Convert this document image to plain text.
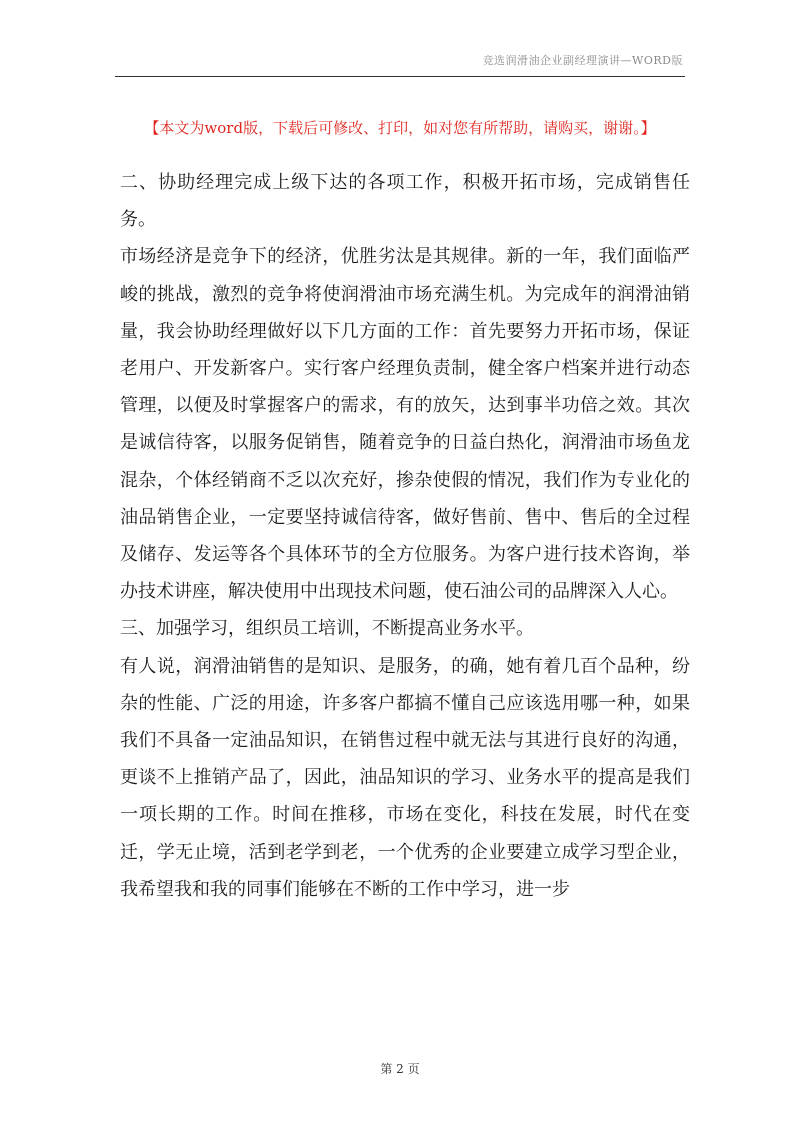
竞选润滑油企业副经理演讲—WORD版
【本文为word版，下载后可修改、打印，如对您有所帮助，请购买，谢谢。】

二、协助经理完成上级下达的各项工作，积极开拓市场，完成销售任务。

市场经济是竞争下的经济，优胜劣汰是其规律。新的一年，我们面临严峻的挑战，激烈的竞争将使润滑油市场充满生机。为完成年的润滑油销量，我会协助经理做好以下几方面的工作：首先要努力开拓市场，保证老用户、开发新客户。实行客户经理负责制，健全客户档案并进行动态管理，以便及时掌握客户的需求，有的放矢，达到事半功倍之效。其次是诚信待客，以服务促销售，随着竞争的日益白热化，润滑油市场鱼龙混杂，个体经销商不乏以次充好，掺杂使假的情况，我们作为专业化的油品销售企业，一定要坚持诚信待客，做好售前、售中、售后的全过程及储存、发运等各个具体环节的全方位服务。为客户进行技术咨询，举办技术讲座，解决使用中出现技术问题，使石油公司的品牌深入人心。

三、加强学习，组织员工培训，不断提高业务水平。

有人说，润滑油销售的是知识、是服务，的确，她有着几百个品种，纷杂的性能、广泛的用途，许多客户都搞不懂自己应该选用哪一种，如果我们不具备一定油品知识，在销售过程中就无法与其进行良好的沟通，更谈不上推销产品了，因此，油品知识的学习、业务水平的提高是我们一项长期的工作。时间在推移，市场在变化，科技在发展，时代在变迁，学无止境，活到老学到老，一个优秀的企业要建立成学习型企业，我希望我和我的同事们能够在不断的工作中学习，进一步

第 2 页
